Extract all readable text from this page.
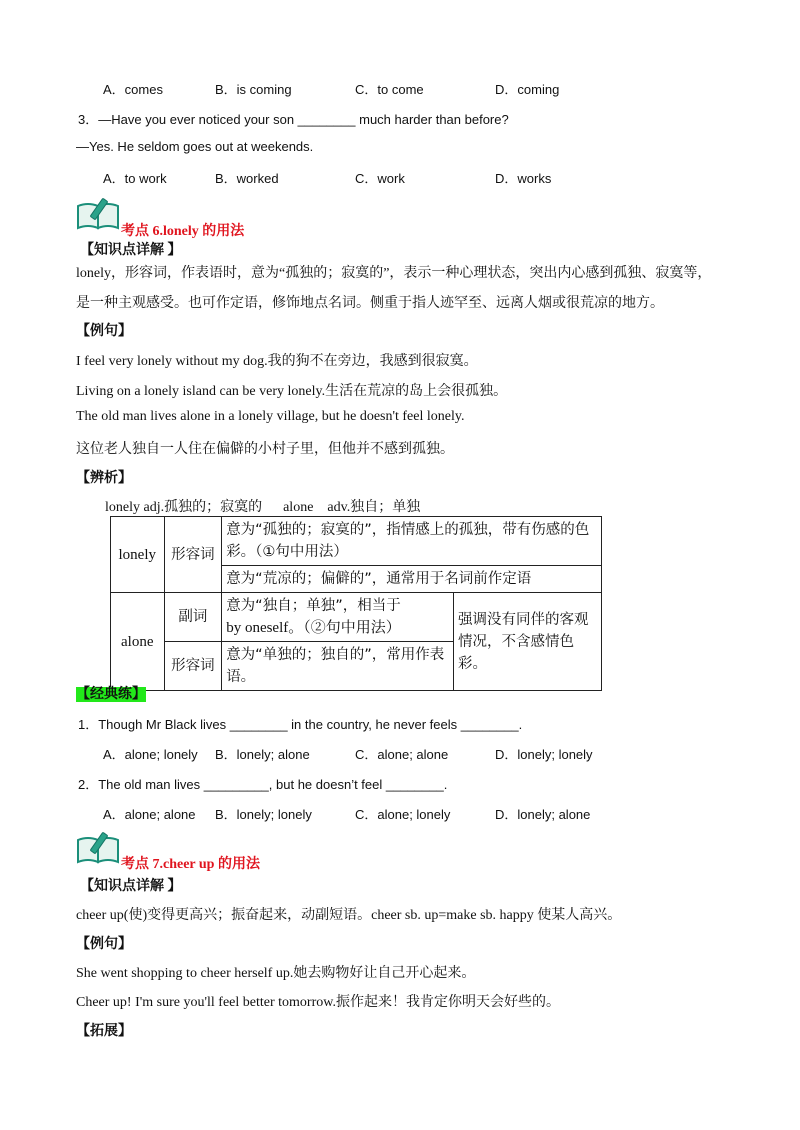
A．comes	B．is coming	C．to come	D．coming
3．—Have you ever noticed your son ________ much harder than before?
—Yes. He seldom goes out at weekends.
A．to work	B．worked	C．work	D．works
考点 6.lonely 的用法
【知识点详解 】
lonely，形容词，作表语时，意为“孤独的；寂寞的”，表示一种心理状态，突出内心感到孤独、寂寞等，
是一种主观感受。也可作定语，修饰地点名词。侧重于指人迹罕至、远离人烟或很荒凉的地方。
【例句】
I feel very lonely without my dog.我的狗不在旁边，我感到很寂寞。
Living on a lonely island can be very lonely.生活在荒凉的岛上会很孤独。
The old man lives alone in a lonely village, but he doesn't feel lonely.
这位老人独自一人住在偏僻的小村子里，但他并不感到孤独。
【辨析】
lonely adj.孤独的；寂寞的      alone    adv.独自；单独
lonely	形容词	意为“孤独的；寂寞的”，指情感上的孤独，带有伤感的色彩。（①句中用法）	
		意为“荒凉的；偏僻的”，通常用于名词前作定语	
alone	副词	意为“独自；单独”，相当于
by oneself。（②句中用法）	强调没有同伴的客观情况，不含感情色彩。
	形容词	意为“单独的；独自的”，常用作表语。	
【经典练】
1．Though Mr Black lives ________ in the country, he never feels ________.
A．alone; lonely B．lonely; alone	C．alone; alone	D．lonely; lonely
2．The old man lives _________, but he doesn’t feel ________.
A．alone; alone B．lonely; lonely	C．alone; lonely	D．lonely; alone
考点 7.cheer up 的用法
【知识点详解 】
cheer up(使)变得更高兴；振奋起来，动副短语。cheer sb. up=make sb. happy 使某人高兴。
【例句】
She went shopping to cheer herself up.她去购物好让自己开心起来。
Cheer up! I'm sure you'll feel better tomorrow.振作起来！我肯定你明天会好些的。
【拓展】
